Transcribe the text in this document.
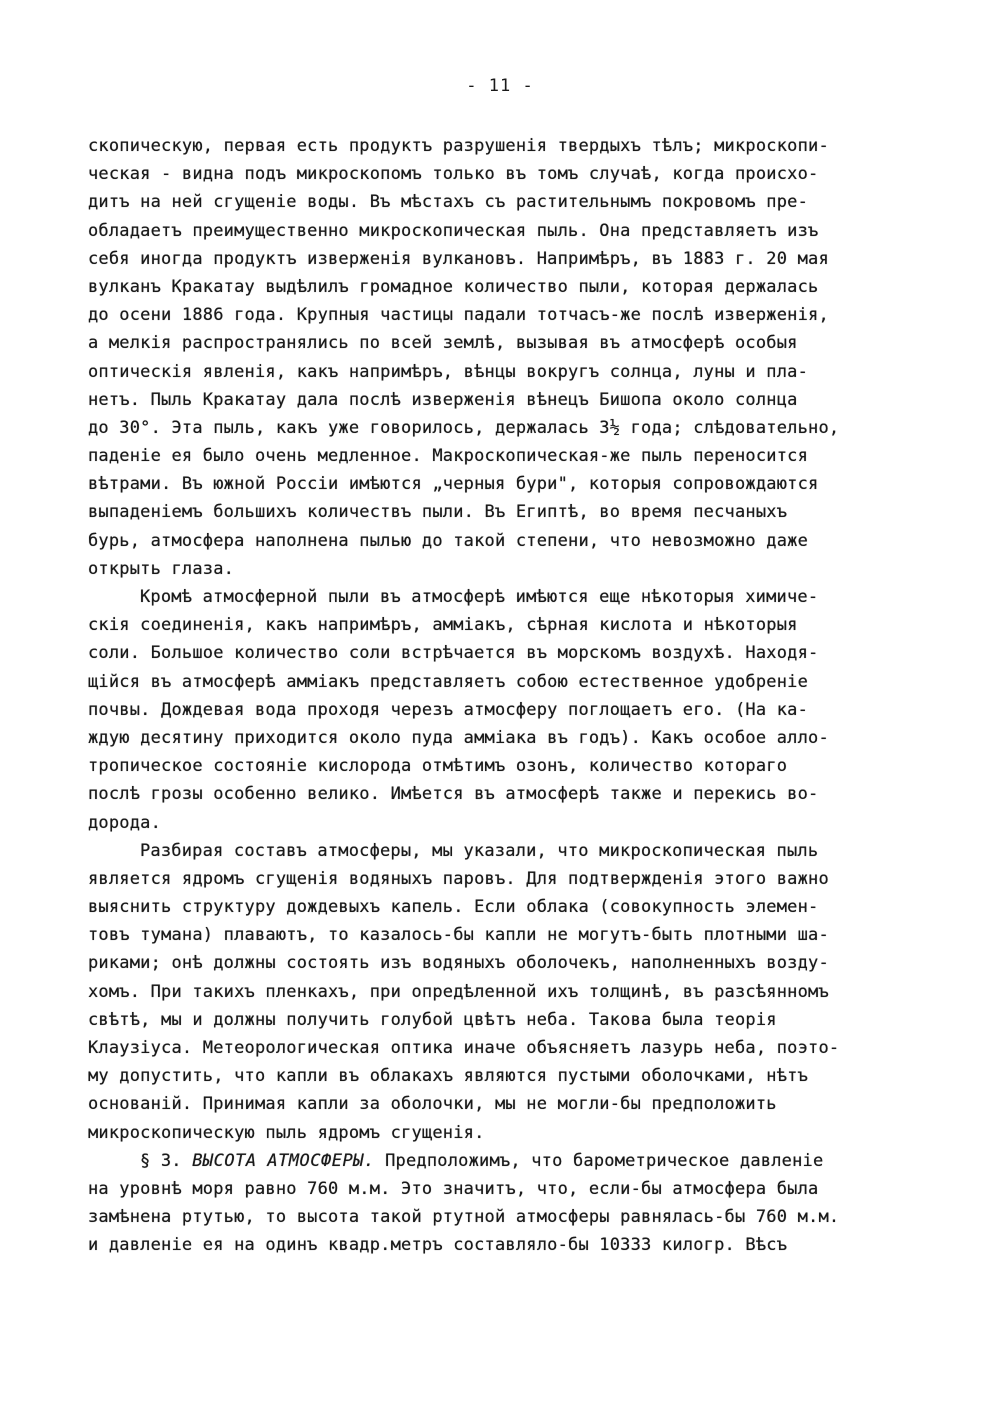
- 11 -
скопическую, первая есть продуктъ разрушенія твердыхъ тѣлъ; микроскопи-
ческая - видна подъ микроскопомъ только въ томъ случаѣ, когда происхо-
дитъ на ней сгущеніе воды. Въ мѣстахъ съ растительнымъ покровомъ пре-
обладаетъ преимущественно микроскопическая пыль. Она представляетъ изъ
себя иногда продуктъ изверженія вулкановъ. Напримѣръ, въ 1883 г. 20 мая
вулканъ Кракатау выдѣлилъ громадное количество пыли, которая держалась
до осени 1886 года. Крупныя частицы падали тотчасъ-же послѣ изверженія,
а мелкія распространялись по всей землѣ, вызывая въ атмосферѣ особыя
оптическія явленія, какъ напримѣръ, вѣнцы вокругъ солнца, луны и пла-
нетъ. Пыль Кракатау дала послѣ изверженія вѣнецъ Бишопа около солнца
до 30°. Эта пыль, какъ уже говорилось, держалась 3½ года; слѣдовательно,
паденіе ея было очень медленное. Макроскопическая-же пыль переносится
вѣтрами. Въ южной Россіи имѣются „черныя бури", которыя сопровождаются
выпаденіемъ большихъ количествъ пыли. Въ Египтѣ, во время песчаныхъ
бурь, атмосфера наполнена пылью до такой степени, что невозможно даже
открыть глаза.
Кромѣ атмосферной пыли въ атмосферѣ имѣются еще нѣкоторыя химиче-
скія соединенія, какъ напримѣръ, аммiакъ, сѣрная кислота и нѣкоторыя
соли. Большое количество соли встрѣчается въ морскомъ воздухѣ. Находя-
щійся въ атмосферѣ аммiакъ представляетъ собою естественное удобреніе
почвы. Дождевая вода проходя черезъ атмосферу поглощаетъ его. (На ка-
ждую десятину приходится около пуда аммiака въ годъ). Какъ особое алло-
тропическое состояніе кислорода отмѣтимъ озонъ, количество котораго
послѣ грозы особенно велико. Имѣется въ атмосферѣ также и перекись во-
дорода.
Разбирая составъ атмосферы, мы указали, что микроскопическая пыль
является ядромъ сгущенія водяныхъ паровъ. Для подтвержденія этого важно
выяснить структуру дождевыхъ капель. Если облака (совокупность элемен-
товъ тумана) плаваютъ, то казалось-бы капли не могутъ-быть плотными ша-
риками; онѣ должны состоять изъ водяныхъ оболочекъ, наполненныхъ возду-
хомъ. При такихъ пленкахъ, при опредѣленной ихъ толщинѣ, въ разсѣянномъ
свѣтѣ, мы и должны получить голубой цвѣтъ неба. Такова была теорія
Клаузіуса. Метеорологическая оптика иначе объясняетъ лазурь неба, поэто-
му допустить, что капли въ облакахъ являются пустыми оболочками, нѣтъ
основаній. Принимая капли за оболочки, мы не могли-бы предположить
микроскопическую пыль ядромъ сгущенія.
§ 3. ВЫСОТА АТМОСФЕРЫ. Предположимъ, что барометрическое давленіе
на уровнѣ моря равно 760 м.м. Это значитъ, что, если-бы атмосфера была
замѣнена ртутью, то высота такой ртутной атмосферы равнялась-бы 760 м.м.
и давленіе ея на одинъ квадр.метръ составляло-бы 10333 килогр. Вѣсъ
